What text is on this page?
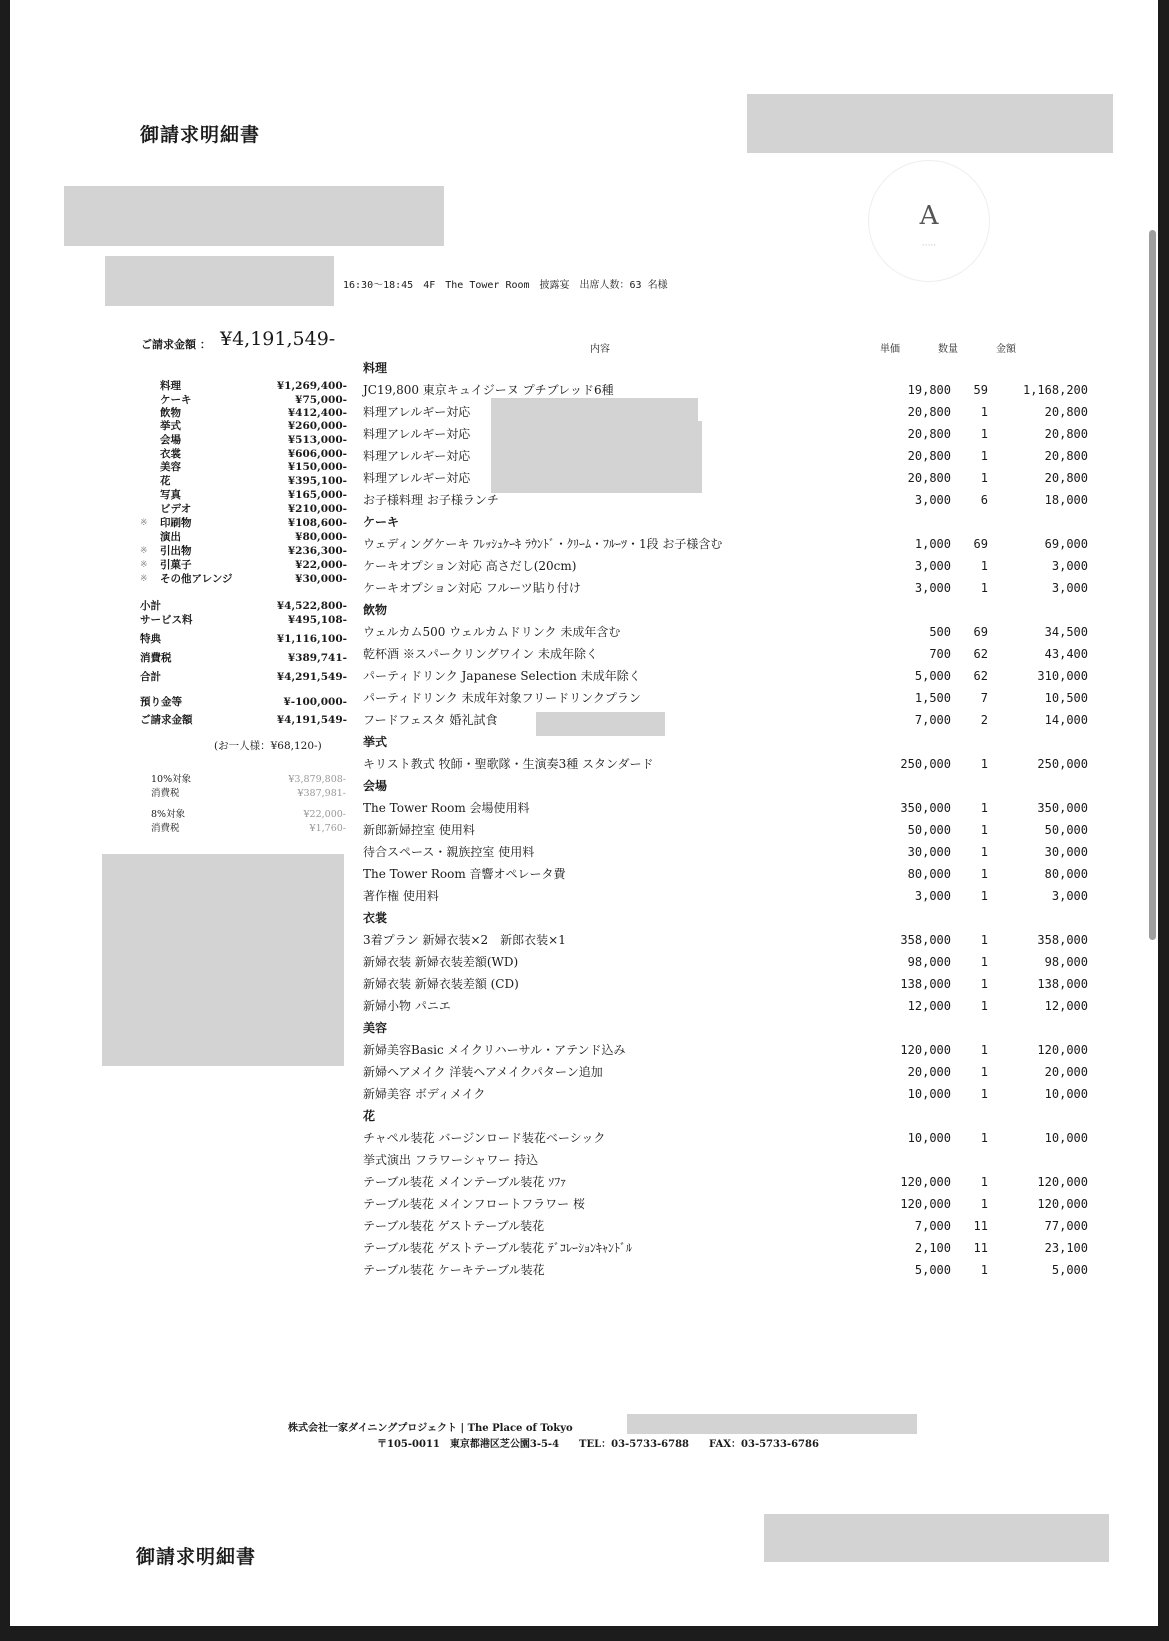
御請求明細書
A
·····
16:30～18:45　4F　The Tower Room　披露宴　出席人数：63 名様
ご請求金額 ： ¥4,191,549-
料理	¥1,269,400-
ケーキ	¥75,000-
飲物	¥412,400-
挙式	¥260,000-
会場	¥513,000-
衣裳	¥606,000-
美容	¥150,000-
花	¥395,100-
写真	¥165,000-
ビデオ	¥210,000-
※ 印刷物	¥108,600-
演出	¥80,000-
※ 引出物	¥236,300-
※ 引菓子	¥22,000-
※ その他アレンジ	¥30,000-
小計	¥4,522,800-
サービス料	¥495,108-
特典	¥1,116,100-
消費税	¥389,741-
合計	¥4,291,549-
預り金等	¥-100,000-
ご請求金額	¥4,191,549-
(お一人様：¥68,120-)
10%対象	¥3,879,808-
消費税	¥387,981-
8%対象	¥22,000-
消費税	¥1,760-
内容	単価	数量	金額
料理
JC19,800 東京キュイジーヌ プチブレッド6種	19,800 59	1,168,200
料理アレルギー対応	20,800 1	20,800
料理アレルギー対応	20,800 1	20,800
料理アレルギー対応	20,800 1	20,800
料理アレルギー対応	20,800 1	20,800
お子様料理 お子様ランチ	3,000 6	18,000
ケーキ
ウェディングケーキ ﾌﾚｯｼｭｹｰｷ ﾗｳﾝﾄﾞ・ｸﾘｰﾑ・ﾌﾙｰﾂ・1段 お子様含む	1,000 69	69,000
ケーキオプション対応 高さだし(20cm)	3,000 1	3,000
ケーキオプション対応 フルーツ貼り付け	3,000 1	3,000
飲物
ウェルカム500 ウェルカムドリンク 未成年含む	500 69	34,500
乾杯酒 ※スパークリングワイン 未成年除く	700 62	43,400
パーティドリンク Japanese Selection 未成年除く	5,000 62	310,000
パーティドリンク 未成年対象フリードリンクプラン	1,500 7	10,500
フードフェスタ 婚礼試食	7,000 2	14,000
挙式
キリスト教式 牧師・聖歌隊・生演奏3種 スタンダード	250,000 1	250,000
会場
The Tower Room 会場使用料	350,000 1	350,000
新郎新婦控室 使用料	50,000 1	50,000
待合スペース・親族控室 使用料	30,000 1	30,000
The Tower Room 音響オペレータ費	80,000 1	80,000
著作権 使用料	3,000 1	3,000
衣裳
3着プラン 新婦衣装×2　新郎衣装×1	358,000 1	358,000
新婦衣装 新婦衣装差額(WD)	98,000 1	98,000
新婦衣装 新婦衣装差額 (CD)	138,000 1	138,000
新婦小物 パニエ	12,000 1	12,000
美容
新婦美容Basic メイクリハーサル・アテンド込み	120,000 1	120,000
新婦ヘアメイク 洋装ヘアメイクパターン追加	20,000 1	20,000
新婦美容 ボディメイク	10,000 1	10,000
花
チャペル装花 バージンロード装花ベーシック	10,000 1	10,000
挙式演出 フラワーシャワー 持込
テーブル装花 メインテーブル装花 ｿﾌｧ	120,000 1	120,000
テーブル装花 メインフロートフラワー 桜	120,000 1	120,000
テーブル装花 ゲストテーブル装花	7,000 11	77,000
テーブル装花 ゲストテーブル装花 ﾃﾞｺﾚｰｼｮﾝｷｬﾝﾄﾞﾙ	2,100 11	23,100
テーブル装花 ケーキテーブル装花	5,000 1	5,000
株式会社一家ダイニングプロジェクト | The Place of Tokyo
〒105-0011　東京都港区芝公園3-5-4　　TEL：03-5733-6788　　FAX：03-5733-6786
御請求明細書
